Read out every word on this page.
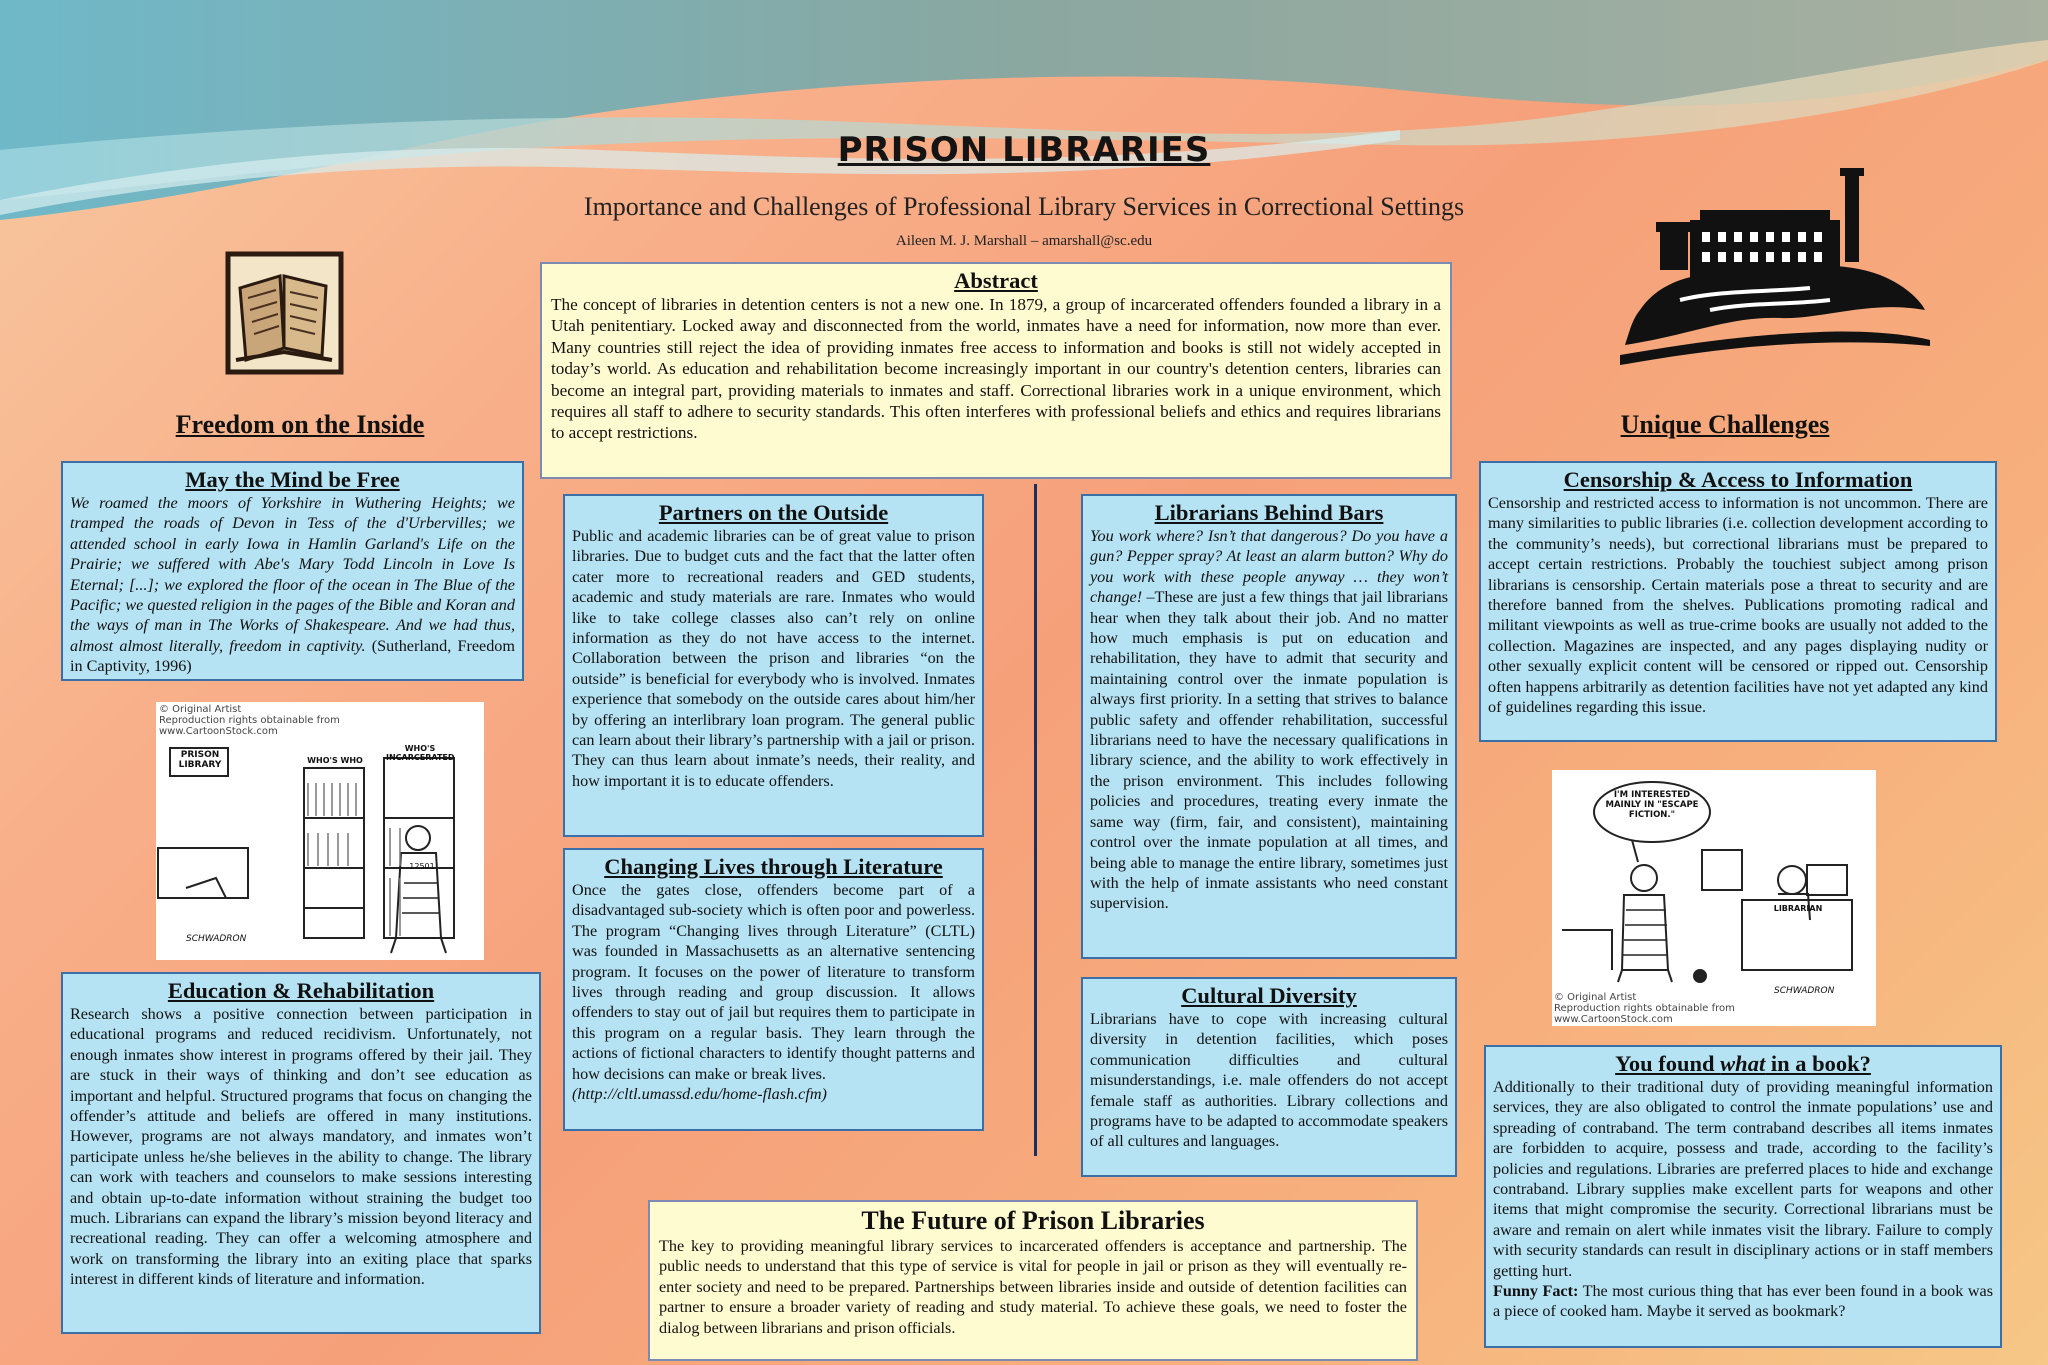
PRISON LIBRARIES
Importance and Challenges of Professional Library Services in Correctional Settings
Aileen M. J. Marshall – amarshall@sc.edu
Freedom on the Inside	Unique Challenges
Abstract
The concept of libraries in detention centers is not a new one. In 1879, a group of incarcerated offenders founded a library in a Utah penitentiary. Locked away and disconnected from the world, inmates have a need for information, now more than ever. Many countries still reject the idea of providing inmates free access to information and books is still not widely accepted in today’s world. As education and rehabilitation become increasingly important in our country's detention centers, libraries can become an integral part, providing materials to inmates and staff. Correctional libraries work in a unique environment, which requires all staff to adhere to security standards. This often interferes with professional beliefs and ethics and requires librarians to accept restrictions.
May the Mind be Free
We roamed the moors of Yorkshire in Wuthering Heights; we tramped the roads of Devon in Tess of the d'Urbervilles; we attended school in early Iowa in Hamlin Garland's Life on the Prairie; we suffered with Abe's Mary Todd Lincoln in Love Is Eternal; [...]; we explored the floor of the ocean in The Blue of the Pacific; we quested religion in the pages of the Bible and Koran and the ways of man in The Works of Shakespeare. And we had thus, almost almost literally, freedom in captivity. (Sutherland, Freedom in Captivity, 1996)
© Original Artist
Reproduction rights obtainable from
www.CartoonStock.com
PRISON LIBRARY	WHO'S WHO
WHO'S INCARCERATED
12501
SCHWADRON
Education & Rehabilitation
Research shows a positive connection between participation in educational programs and reduced recidivism. Unfortunately, not enough inmates show interest in programs offered by their jail. They are stuck in their ways of thinking and don’t see education as important and helpful. Structured programs that focus on changing the offender’s attitude and beliefs are offered in many institutions. However, programs are not always mandatory, and inmates won’t participate unless he/she believes in the ability to change. The library can work with teachers and counselors to make sessions interesting and obtain up-to-date information without straining the budget too much. Librarians can expand the library’s mission beyond literacy and recreational reading. They can offer a welcoming atmosphere and work on transforming the library into an exiting place that sparks interest in different kinds of literature and information.
Partners on the Outside
Public and academic libraries can be of great value to prison libraries. Due to budget cuts and the fact that the latter often cater more to recreational readers and GED students, academic and study materials are rare. Inmates who would like to take college classes also can’t rely on online information as they do not have access to the internet. Collaboration between the prison and libraries “on the outside” is beneficial for everybody who is involved. Inmates experience that somebody on the outside cares about him/her by offering an interlibrary loan program. The general public can learn about their library’s partnership with a jail or prison. They can thus learn about inmate’s needs, their reality, and how important it is to educate offenders.
Changing Lives through Literature
Once the gates close, offenders become part of a disadvantaged sub-society which is often poor and powerless. The program “Changing lives through Literature” (CLTL) was founded in Massachusetts as an alternative sentencing program. It focuses on the power of literature to transform lives through reading and group discussion. It allows offenders to stay out of jail but requires them to participate in this program on a regular basis. They learn through the actions of fictional characters to identify thought patterns and how decisions can make or break lives.
(http://cltl.umassd.edu/home-flash.cfm)
Librarians Behind Bars
You work where? Isn’t that dangerous? Do you have a gun? Pepper spray? At least an alarm button? Why do you work with these people anyway … they won’t change! –These are just a few things that jail librarians hear when they talk about their job. And no matter how much emphasis is put on education and rehabilitation, they have to admit that security and maintaining control over the inmate population is always first priority. In a setting that strives to balance public safety and offender rehabilitation, successful librarians need to have the necessary qualifications in library science, and the ability to work effectively in the prison environment. This includes following policies and procedures, treating every inmate the same way (firm, fair, and consistent), maintaining control over the inmate population at all times, and being able to manage the entire library, sometimes just with the help of inmate assistants who need constant supervision.
Cultural Diversity
Librarians have to cope with increasing cultural diversity in detention facilities, which poses communication difficulties and cultural misunderstandings, i.e. male offenders do not accept female staff as authorities. Library collections and programs have to be adapted to accommodate speakers of all cultures and languages.
The Future of Prison Libraries
The key to providing meaningful library services to incarcerated offenders is acceptance and partnership. The public needs to understand that this type of service is vital for people in jail or prison as they will eventually re-enter society and need to be prepared. Partnerships between libraries inside and outside of detention facilities can partner to ensure a broader variety of reading and study material. To achieve these goals, we need to foster the dialog between librarians and prison officials.
Censorship & Access to Information
Censorship and restricted access to information is not uncommon. There are many similarities to public libraries (i.e. collection development according to the community’s needs), but correctional librarians must be prepared to accept certain restrictions. Probably the touchiest subject among prison librarians is censorship. Certain materials pose a threat to security and are therefore banned from the shelves. Publications promoting radical and militant viewpoints as well as true-crime books are usually not added to the collection. Magazines are inspected, and any pages displaying nudity or other sexually explicit content will be censored or ripped out. Censorship often happens arbitrarily as detention facilities have not yet adapted any kind of guidelines regarding this issue.
I'M INTERESTED MAINLY IN "ESCAPE FICTION."
LIBRARIAN
SCHWADRON
© Original Artist
Reproduction rights obtainable from
www.CartoonStock.com
You found what in a book?
Additionally to their traditional duty of providing meaningful information services, they are also obligated to control the inmate populations’ use and spreading of contraband. The term contraband describes all items inmates are forbidden to acquire, possess and trade, according to the facility’s policies and regulations. Libraries are preferred places to hide and exchange contraband. Library supplies make excellent parts for weapons and other items that might compromise the security. Correctional librarians must be aware and remain on alert while inmates visit the library. Failure to comply with security standards can result in disciplinary actions or in staff members getting hurt.
Funny Fact: The most curious thing that has ever been found in a book was a piece of cooked ham. Maybe it served as bookmark?
